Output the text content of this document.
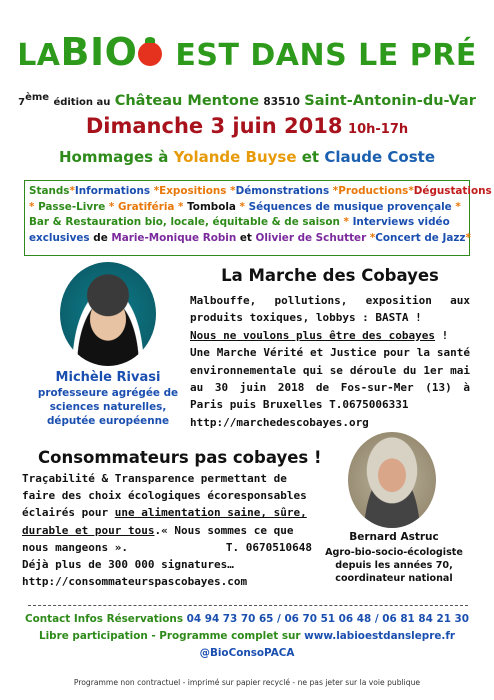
LABIO EST DANS LE PRÉ
7ème édition au Château Mentone 83510 Saint-Antonin-du-Var
Dimanche 3 juin 2018 10h-17h
Hommages à Yolande Buyse et Claude Coste
Stands*Informations *Expositions *Démonstrations *Productions*Dégustations
* Passe-Livre * Gratiféria * Tombola * Séquences de musique provençale *
Bar & Restauration bio, locale, équitable & de saison * Interviews vidéo
exclusives de Marie-Monique Robin et Olivier de Schutter *Concert de Jazz*
Michèle Rivasi
professeure agrégée de
sciences naturelles,
députée européenne
La Marche des Cobayes
Malbouffe, pollutions, exposition aux produits toxiques, lobbys : BASTA !
Nous ne voulons plus être des cobayes !
Une Marche Vérité et Justice pour la santé environnementale qui se déroule du 1er mai au 30 juin 2018 de Fos-sur-Mer (13) à Paris puis Bruxelles T.0675006331
http://marchedescobayes.org
Consommateurs pas cobayes !
Traçabilité & Transparence permettant de
faire des choix écologiques écoresponsables
éclairés pour une alimentation saine, sûre,
durable et pour tous.« Nous sommes ce que
nous mangeons ».	T. 0670510648
Déjà plus de 300 000 signatures…
http://consommateurspascobayes.com
Bernard Astruc
Agro-bio-socio-écologiste
depuis les années 70,
coordinateur national
Contact Infos Réservations 04 94 73 70 65 / 06 70 51 06 48 / 06 81 84 21 30
Libre participation - Programme complet sur www.labioestdanslepre.fr
@BioConsoPACA
Programme non contractuel - imprimé sur papier recyclé - ne pas jeter sur la voie publique
